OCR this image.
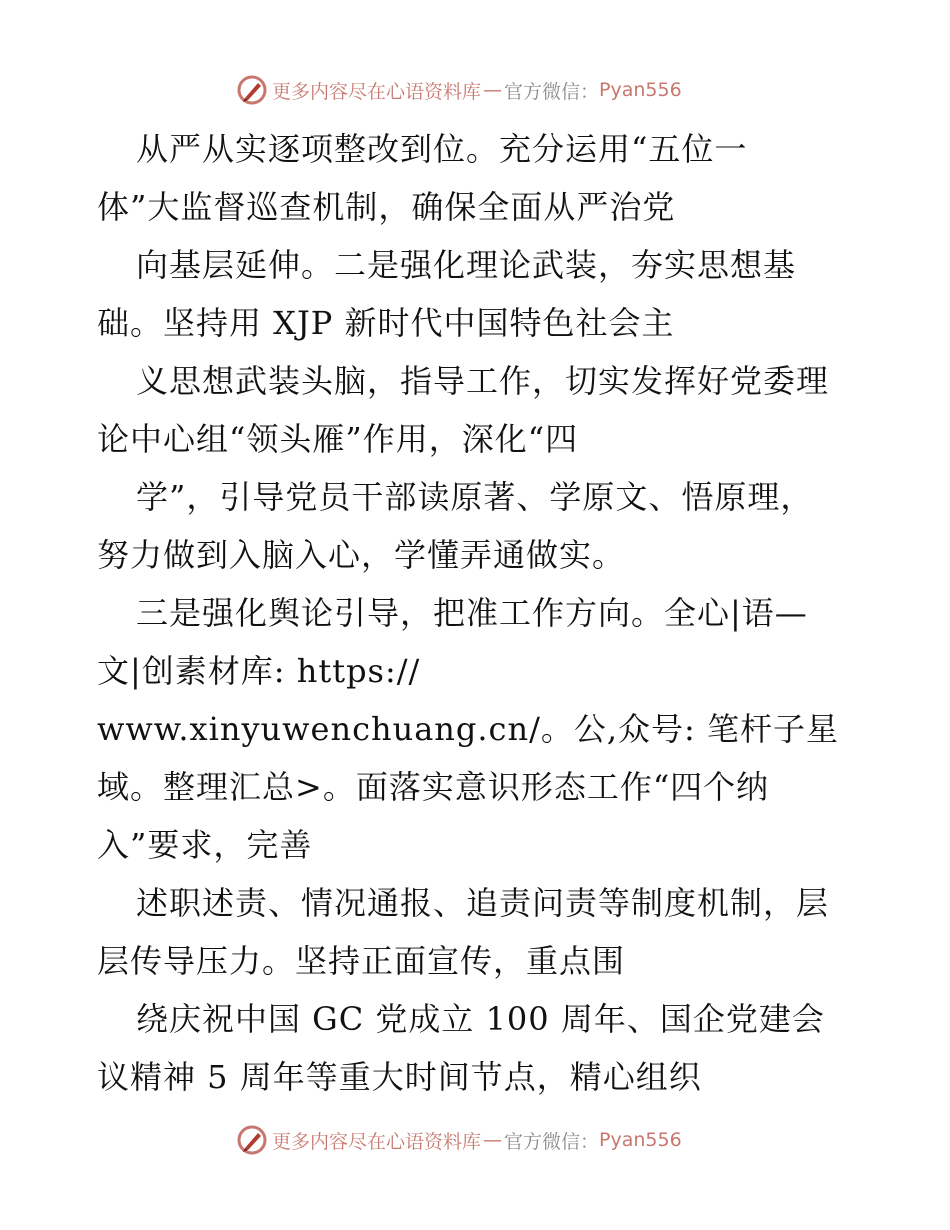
更多内容尽在心语资料库 — 官方微信： Pyan556
从严从实逐项整改到位。充分运用“五位一
体”大监督巡查机制，确保全面从严治党
向基层延伸。二是强化理论武装，夯实思想基
础。坚持用 XJP 新时代中国特色社会主
义思想武装头脑，指导工作，切实发挥好党委理
论中心组“领头雁”作用，深化“四
学”，引导党员干部读原著、学原文、悟原理，
努力做到入脑入心，学懂弄通做实。
三是强化舆论引导，把准工作方向。全心|语—
文|创素材库: https://
www.xinyuwenchuang.cn/。公,众号: 笔杆子星
域。整理汇总>。面落实意识形态工作“四个纳
入”要求，完善
述职述责、情况通报、追责问责等制度机制，层
层传导压力。坚持正面宣传，重点围
绕庆祝中国 GC 党成立 100 周年、国企党建会
议精神 5 周年等重大时间节点，精心组织
更多内容尽在心语资料库 — 官方微信： Pyan556
